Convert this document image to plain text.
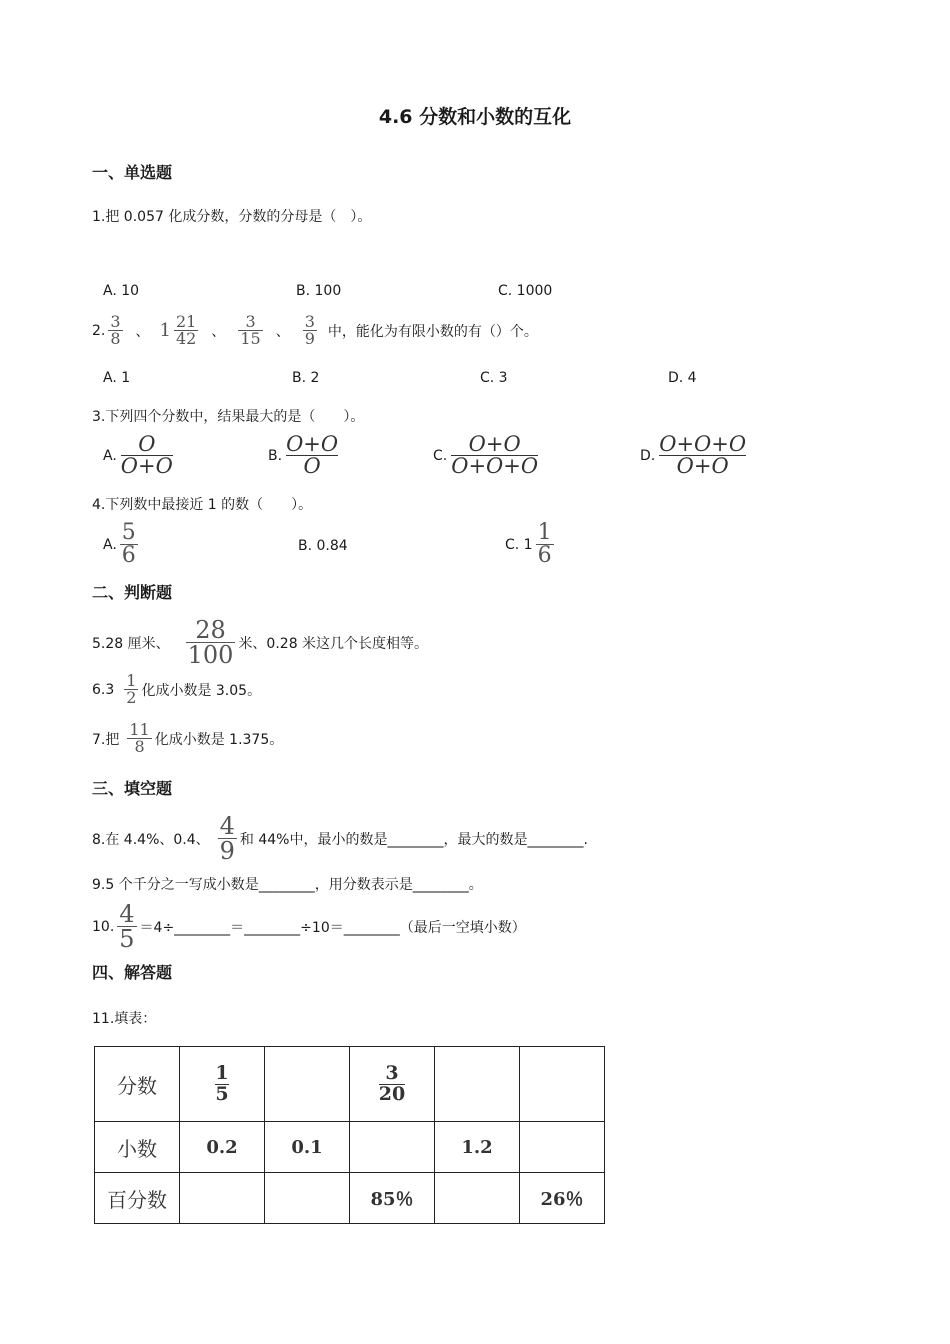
4.6 分数和小数的互化
一、单选题
1.把 0.057 化成分数，分数的分母是（　）。
A. 10	B. 100	C. 1000
2. $\frac{3}{8}$ 、 $1 \frac{21}{42}$ 、 $\frac{3}{15}$ 、 $\frac{3}{9}$ 中，能化为有限小数的有（）个。
A. 1	B. 2	C. 3	D. 4
3.下列四个分数中，结果最大的是（　　）。
A. $\frac{O}{O+O}$	B. $\frac{O+O}{O}$	C. $\frac{O+O}{O+O+O}$	D. $\frac{O+O+O}{O+O}$
4.下列数中最接近 1 的数（　　）。
A. $\frac{5}{6}$	B. 0.84	C. $1 \frac{1}{6}$
二、判断题
5.28 厘米、 $\frac{28}{100}$ 米、0.28 米这几个长度相等。
$6.3 \frac{1}{2}$ 化成小数是 3.05。
7.把 $\frac{11}{8}$ 化成小数是 1.375。
三、填空题
8.在 4.4%、0.4、 $\frac{4}{9}$ 和 44%中，最小的数是________，最大的数是________.
9.5 个千分之一写成小数是________，用分数表示是________。
10. $\frac{4}{5}$ ＝4÷________＝________÷10＝________（最后一空填小数）
四、解答题
11.填表：
分数	$\frac{1}{5}$		$\frac{3}{20}$

小数	0.2	0.1		1.2	
百分数			85％		26％
